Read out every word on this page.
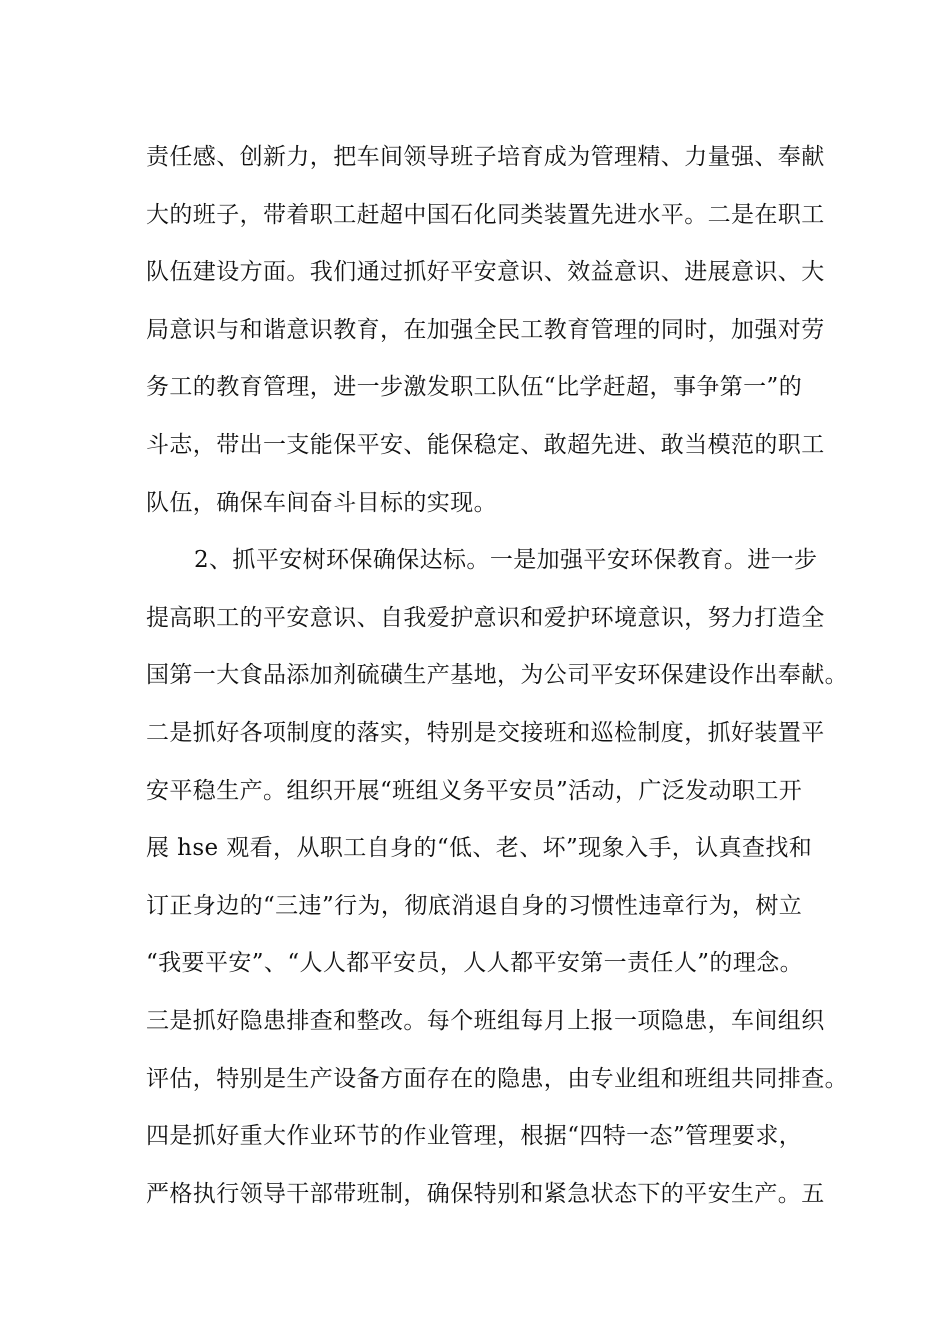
责任感、创新力，把车间领导班子培育成为管理精、力量强、奉献
大的班子，带着职工赶超中国石化同类装置先进水平。二是在职工
队伍建设方面。我们通过抓好平安意识、效益意识、进展意识、大
局意识与和谐意识教育，在加强全民工教育管理的同时，加强对劳
务工的教育管理，进一步激发职工队伍“比学赶超，事争第一”的
斗志，带出一支能保平安、能保稳定、敢超先进、敢当模范的职工
队伍，确保车间奋斗目标的实现。
2、抓平安树环保确保达标。一是加强平安环保教育。进一步
提高职工的平安意识、自我爱护意识和爱护环境意识，努力打造全
国第一大食品添加剂硫磺生产基地，为公司平安环保建设作出奉献。
二是抓好各项制度的落实，特别是交接班和巡检制度，抓好装置平
安平稳生产。组织开展“班组义务平安员”活动，广泛发动职工开
展 hse 观看，从职工自身的“低、老、坏”现象入手，认真查找和
订正身边的“三违”行为，彻底消退自身的习惯性违章行为，树立
“我要平安”、“人人都平安员，人人都平安第一责任人”的理念。
三是抓好隐患排查和整改。每个班组每月上报一项隐患，车间组织
评估，特别是生产设备方面存在的隐患，由专业组和班组共同排查。
四是抓好重大作业环节的作业管理，根据“四特一态”管理要求，
严格执行领导干部带班制，确保特别和紧急状态下的平安生产。五
